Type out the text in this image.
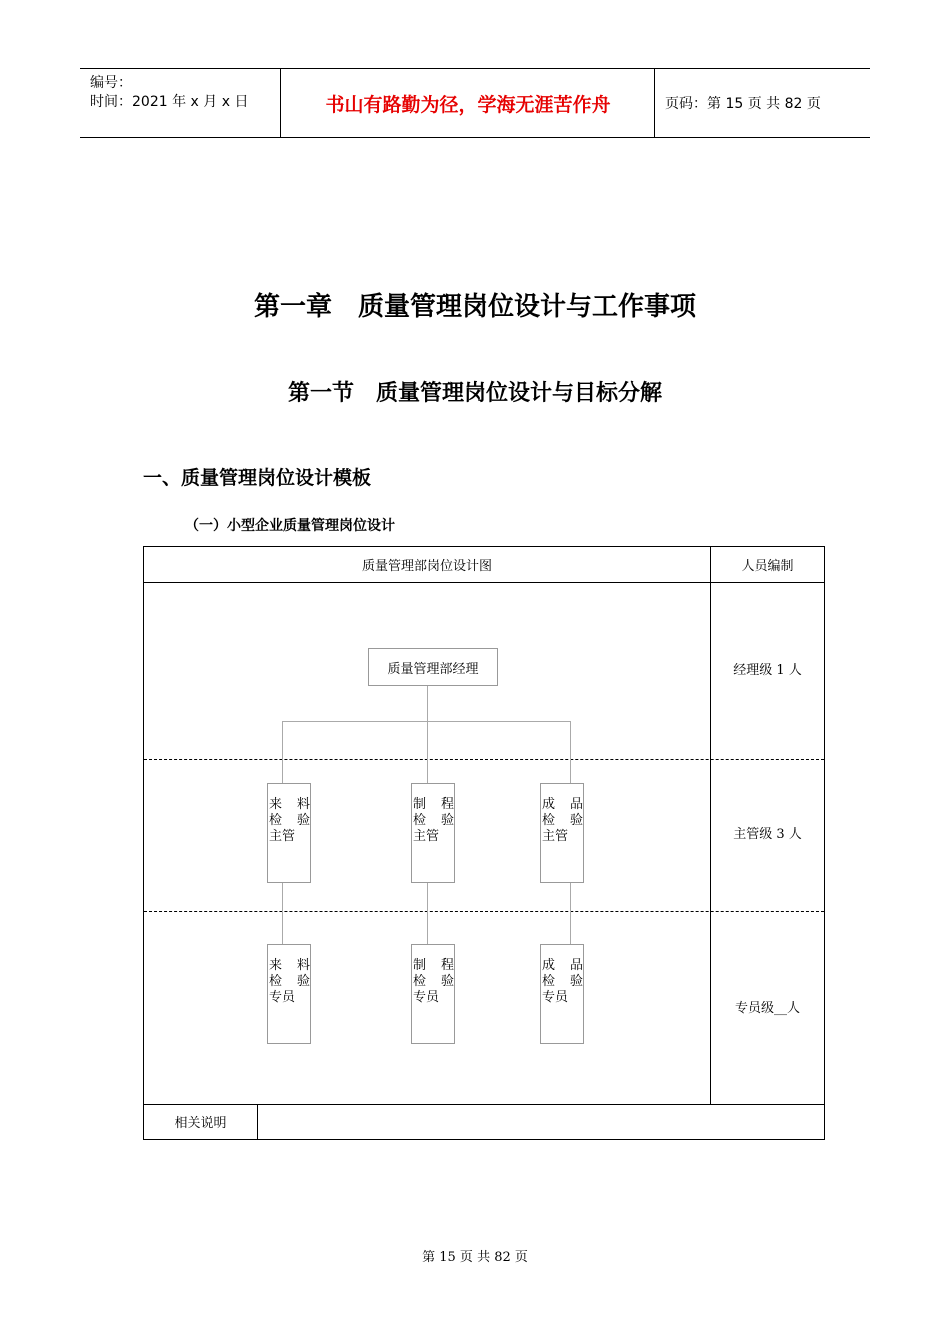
编号：
时间：2021 年 x 月 x 日	书山有路勤为径，学海无涯苦作舟	页码：第 15 页 共 82 页
第一章　质量管理岗位设计与工作事项
第一节　质量管理岗位设计与目标分解
一、质量管理岗位设计模板
（一）小型企业质量管理岗位设计
质量管理部岗位设计图	人员编制
经理级 1 人
主管级 3 人
专员级__人
相关说明
质量管理部经理
来 料
检 验
主管
制 程
检 验
主管
成 品
检 验
主管
来 料
检 验
专员
制 程
检 验
专员
成 品
检 验
专员
第 15 页 共 82 页
